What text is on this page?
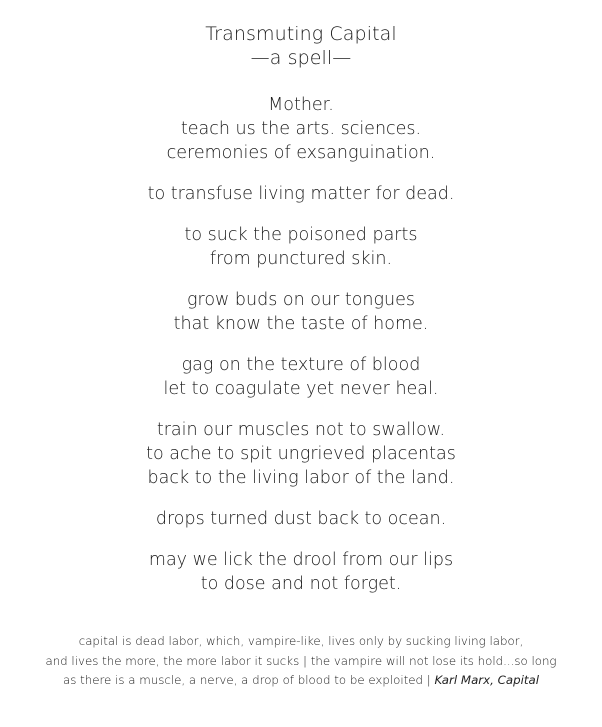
Transmuting Capital
—a spell—
Mother.
teach us the arts. sciences.
ceremonies of exsanguination.
to transfuse living matter for dead.
to suck the poisoned parts
from punctured skin.
grow buds on our tongues
that know the taste of home.
gag on the texture of blood
let to coagulate yet never heal.
train our muscles not to swallow.
to ache to spit ungrieved placentas
back to the living labor of the land.
drops turned dust back to ocean.
may we lick the drool from our lips
to dose and not forget.
capital is dead labor, which, vampire-like, lives only by sucking living labor,
and lives the more, the more labor it sucks | the vampire will not lose its hold...so long
as there is a muscle, a nerve, a drop of blood to be exploited | Karl Marx, Capital
